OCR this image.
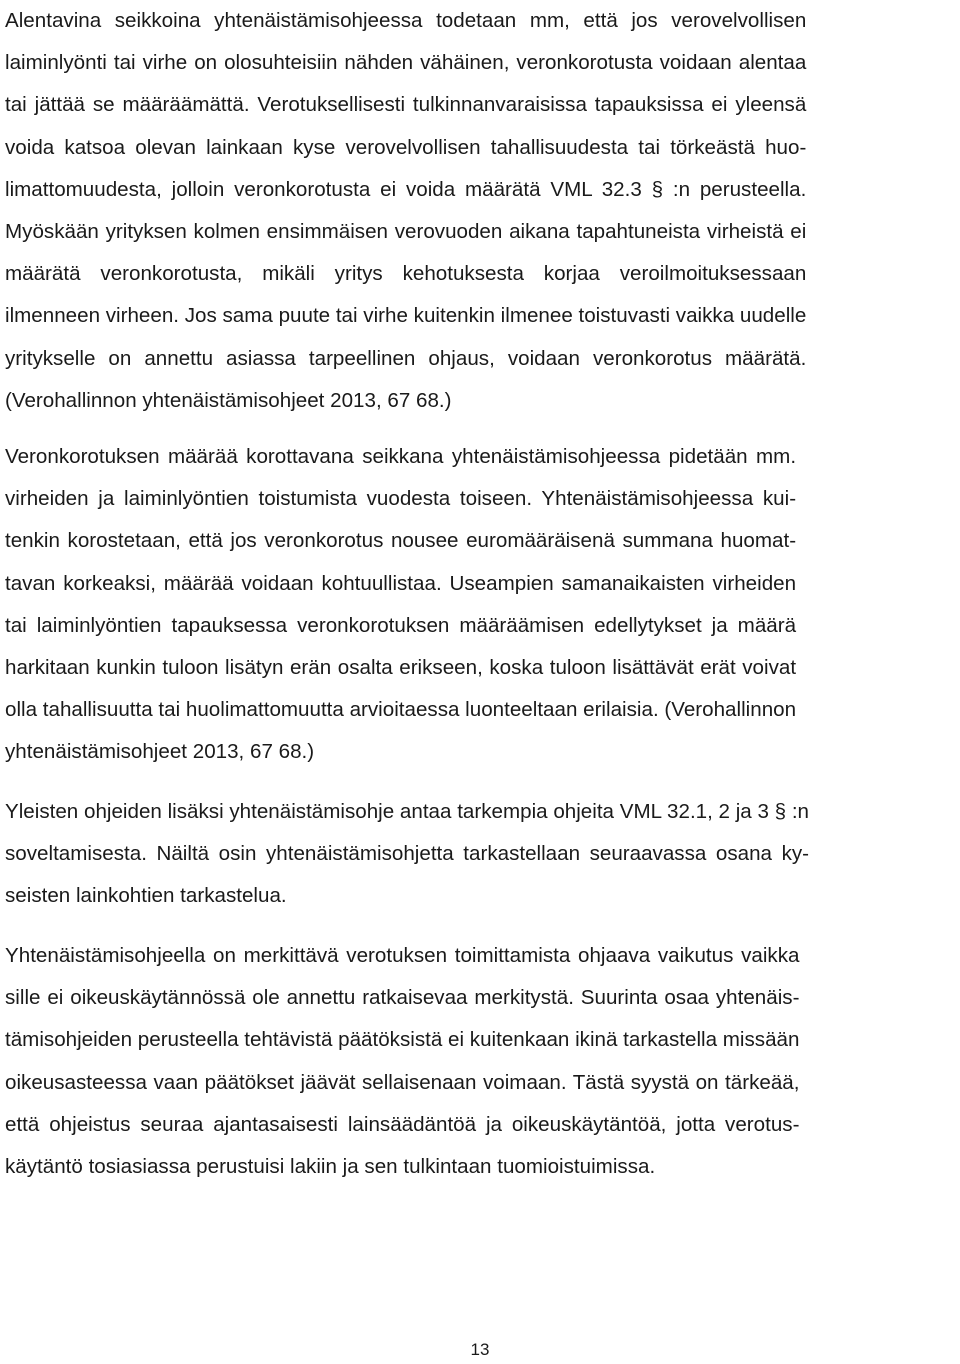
Alentavina seikkoina yhtenäistämisohjeessa todetaan mm, että jos verovelvollisen
laiminlyönti tai virhe on olosuhteisiin nähden vähäinen, veronkorotusta voidaan alentaa
tai jättää se määräämättä. Verotuksellisesti tulkinnanvaraisissa tapauksissa ei yleensä
voida katsoa olevan lainkaan kyse verovelvollisen tahallisuudesta tai törkeästä huo-
limattomuudesta, jolloin veronkorotusta ei voida määrätä VML 32.3 § :n perusteella.
Myöskään yrityksen kolmen ensimmäisen verovuoden aikana tapahtuneista virheistä ei
määrätä veronkorotusta, mikäli yritys kehotuksesta korjaa veroilmoituksessaan
ilmenneen virheen. Jos sama puute tai virhe kuitenkin ilmenee toistuvasti vaikka uudelle
yritykselle on annettu asiassa tarpeellinen ohjaus, voidaan veronkorotus määrätä.
(Verohallinnon yhtenäistämisohjeet 2013, 67 68.)
Veronkorotuksen määrää korottavana seikkana yhtenäistämisohjeessa pidetään mm.
virheiden ja laiminlyöntien toistumista vuodesta toiseen. Yhtenäistämisohjeessa kui-
tenkin korostetaan, että jos veronkorotus nousee euromääräisenä summana huomat-
tavan korkeaksi, määrää voidaan kohtuullistaa. Useampien samanaikaisten virheiden
tai laiminlyöntien tapauksessa veronkorotuksen määräämisen edellytykset ja määrä
harkitaan kunkin tuloon lisätyn erän osalta erikseen, koska tuloon lisättävät erät voivat
olla tahallisuutta tai huolimattomuutta arvioitaessa luonteeltaan erilaisia. (Verohallinnon
yhtenäistämisohjeet 2013, 67 68.)
Yleisten ohjeiden lisäksi yhtenäistämisohje antaa tarkempia ohjeita VML 32.1, 2 ja 3 § :n
soveltamisesta. Näiltä osin yhtenäistämisohjetta tarkastellaan seuraavassa osana ky-
seisten lainkohtien tarkastelua.
Yhtenäistämisohjeella on merkittävä verotuksen toimittamista ohjaava vaikutus vaikka
sille ei oikeuskäytännössä ole annettu ratkaisevaa merkitystä. Suurinta osaa yhtenäis-
tämisohjeiden perusteella tehtävistä päätöksistä ei kuitenkaan ikinä tarkastella missään
oikeusasteessa vaan päätökset jäävät sellaisenaan voimaan. Tästä syystä on tärkeää,
että ohjeistus seuraa ajantasaisesti lainsäädäntöä ja oikeuskäytäntöä, jotta verotus-
käytäntö tosiasiassa perustuisi lakiin ja sen tulkintaan tuomioistuimissa.
13
